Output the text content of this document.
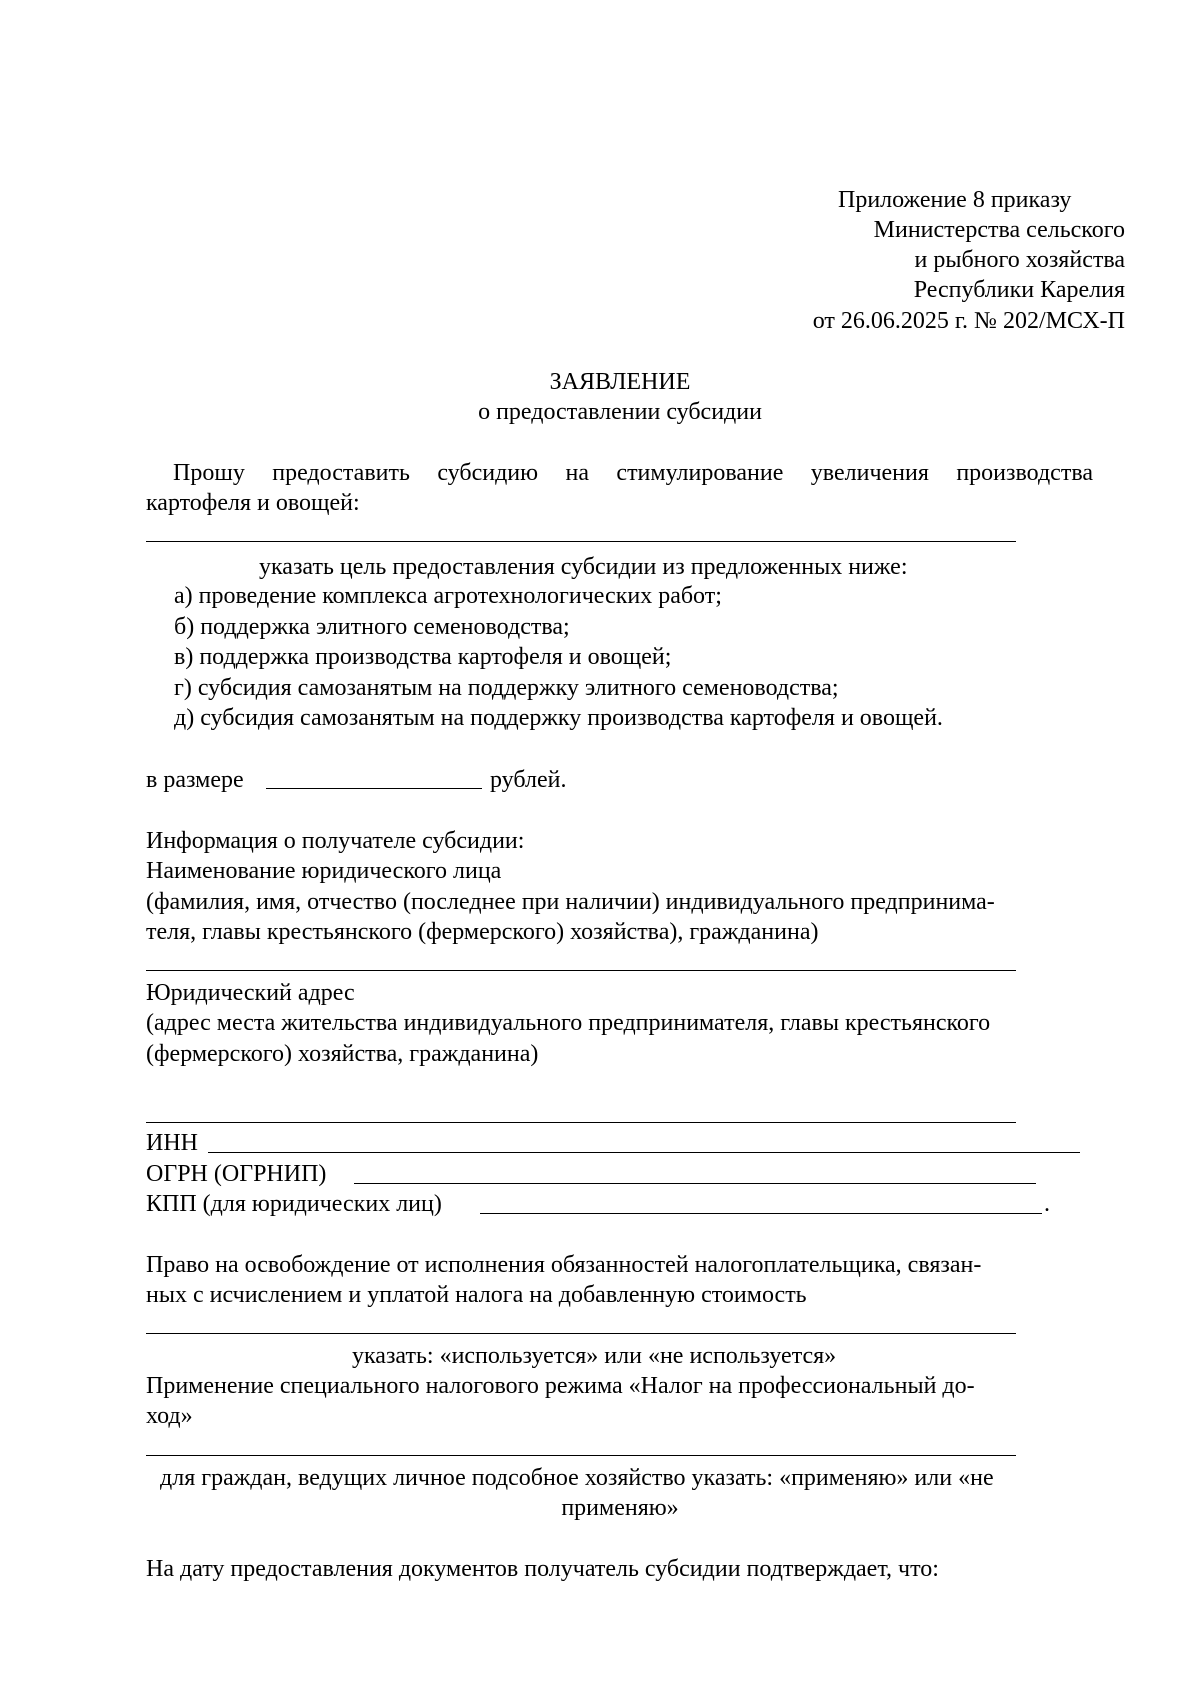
Приложение 8 приказу
Министерства сельского
и рыбного хозяйства
Республики Карелия
от 26.06.2025 г. № 202/МСХ-П
ЗАЯВЛЕНИЕ
о предоставлении субсидии
Прошу предоставить субсидию на стимулирование увеличения производства
картофеля и овощей:
указать цель предоставления субсидии из предложенных ниже:
а) проведение комплекса агротехнологических работ;
б) поддержка элитного семеноводства;
в) поддержка производства картофеля и овощей;
г) субсидия самозанятым на поддержку элитного семеноводства;
д) субсидия самозанятым на поддержку производства картофеля и овощей.
в размере	рублей.
Информация о получателе субсидии:
Наименование юридического лица
(фамилия, имя, отчество (последнее при наличии) индивидуального предпринима-
теля, главы крестьянского (фермерского) хозяйства), гражданина)
Юридический адрес
(адрес места жительства индивидуального предпринимателя, главы крестьянского
(фермерского) хозяйства, гражданина)
ИНН
ОГРН (ОГРНИП)
КПП (для юридических лиц)	.
Право на освобождение от исполнения обязанностей налогоплательщика, связан-
ных с исчислением и уплатой налога на добавленную стоимость
указать: «используется» или «не используется»
Применение специального налогового режима «Налог на профессиональный до-
ход»
для граждан, ведущих личное подсобное хозяйство указать: «применяю» или «не
применяю»
На дату предоставления документов получатель субсидии подтверждает, что:
